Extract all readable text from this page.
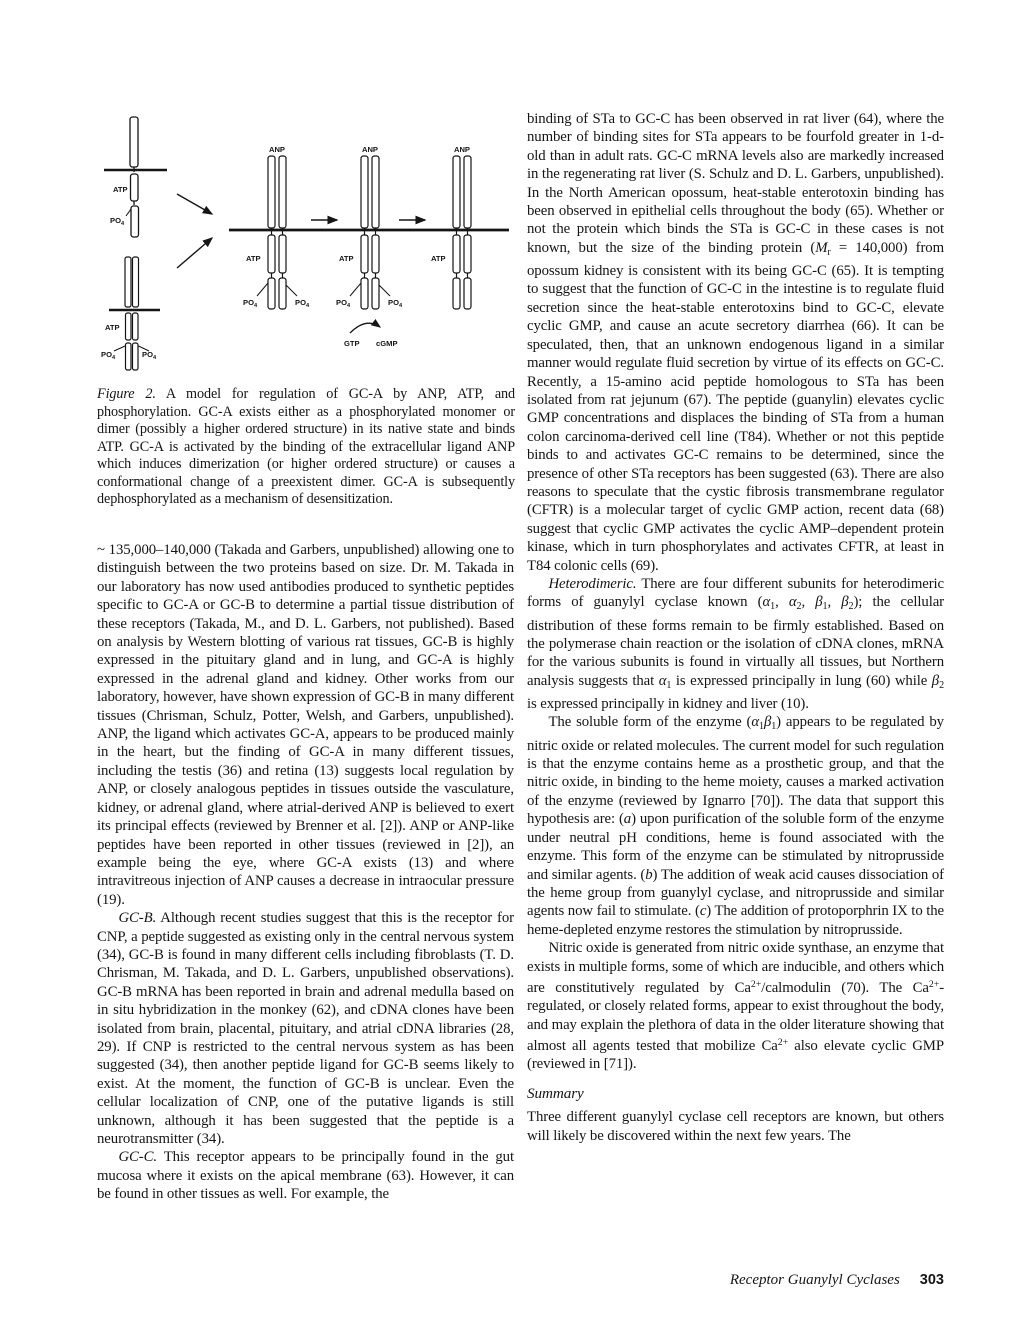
ATP
PO 4
ATP
PO 4	PO 4
ANP
ATP
PO 4	PO 4
ANP
ATP
PO 4	PO 4
GTP cGMP
ANP
ATP
Figure 2. A model for regulation of GC-A by ANP, ATP, and phosphorylation. GC-A exists either as a phosphorylated monomer or dimer (possibly a higher ordered structure) in its native state and binds ATP. GC-A is activated by the binding of the extracellular ligand ANP which induces dimerization (or higher ordered structure) or causes a conformational change of a preexistent dimer. GC-A is subsequently dephosphorylated as a mechanism of desensitization.

~ 135,000–140,000 (Takada and Garbers, unpublished) allowing one to distinguish between the two proteins based on size. Dr. M. Takada in our laboratory has now used antibodies produced to synthetic peptides specific to GC-A or GC-B to determine a partial tissue distribution of these receptors (Takada, M., and D. L. Garbers, not published). Based on analysis by Western blotting of various rat tissues, GC-B is highly expressed in the pituitary gland and in lung, and GC-A is highly expressed in the adrenal gland and kidney. Other works from our laboratory, however, have shown expression of GC-B in many different tissues (Chrisman, Schulz, Potter, Welsh, and Garbers, unpublished). ANP, the ligand which activates GC-A, appears to be produced mainly in the heart, but the finding of GC-A in many different tissues, including the testis (36) and retina (13) suggests local regulation by ANP, or closely analogous peptides in tissues outside the vasculature, kidney, or adrenal gland, where atrial-derived ANP is believed to exert its principal effects (reviewed by Brenner et al. [2]). ANP or ANP-like peptides have been reported in other tissues (reviewed in [2]), an example being the eye, where GC-A exists (13) and where intravitreous injection of ANP causes a decrease in intraocular pressure (19).

GC-B. Although recent studies suggest that this is the receptor for CNP, a peptide suggested as existing only in the central nervous system (34), GC-B is found in many different cells including fibroblasts (T. D. Chrisman, M. Takada, and D. L. Garbers, unpublished observations). GC-B mRNA has been reported in brain and adrenal medulla based on in situ hybridization in the monkey (62), and cDNA clones have been isolated from brain, placental, pituitary, and atrial cDNA libraries (28, 29). If CNP is restricted to the central nervous system as has been suggested (34), then another peptide ligand for GC-B seems likely to exist. At the moment, the function of GC-B is unclear. Even the cellular localization of CNP, one of the putative ligands is still unknown, although it has been suggested that the peptide is a neurotransmitter (34).

GC-C. This receptor appears to be principally found in the gut mucosa where it exists on the apical membrane (63). However, it can be found in other tissues as well. For example, the

binding of STa to GC-C has been observed in rat liver (64), where the number of binding sites for STa appears to be fourfold greater in 1-d-old than in adult rats. GC-C mRNA levels also are markedly increased in the regenerating rat liver (S. Schulz and D. L. Garbers, unpublished). In the North American opossum, heat-stable enterotoxin binding has been observed in epithelial cells throughout the body (65). Whether or not the protein which binds the STa is GC-C in these cases is not known, but the size of the binding protein (Mr = 140,000) from opossum kidney is consistent with its being GC-C (65). It is tempting to suggest that the function of GC-C in the intestine is to regulate fluid secretion since the heat-stable enterotoxins bind to GC-C, elevate cyclic GMP, and cause an acute secretory diarrhea (66). It can be speculated, then, that an unknown endogenous ligand in a similar manner would regulate fluid secretion by virtue of its effects on GC-C. Recently, a 15-amino acid peptide homologous to STa has been isolated from rat jejunum (67). The peptide (guanylin) elevates cyclic GMP concentrations and displaces the binding of STa from a human colon carcinoma-derived cell line (T84). Whether or not this peptide binds to and activates GC-C remains to be determined, since the presence of other STa receptors has been suggested (63). There are also reasons to speculate that the cystic fibrosis transmembrane regulator (CFTR) is a molecular target of cyclic GMP action, recent data (68) suggest that cyclic GMP activates the cyclic AMP–dependent protein kinase, which in turn phosphorylates and activates CFTR, at least in T84 colonic cells (69).

Heterodimeric. There are four different subunits for heterodimeric forms of guanylyl cyclase known (α1, α2, β1, β2); the cellular distribution of these forms remain to be firmly established. Based on the polymerase chain reaction or the isolation of cDNA clones, mRNA for the various subunits is found in virtually all tissues, but Northern analysis suggests that α1 is expressed principally in lung (60) while β2 is expressed principally in kidney and liver (10).

The soluble form of the enzyme (α1β1) appears to be regulated by nitric oxide or related molecules. The current model for such regulation is that the enzyme contains heme as a prosthetic group, and that the nitric oxide, in binding to the heme moiety, causes a marked activation of the enzyme (reviewed by Ignarro [70]). The data that support this hypothesis are: (a) upon purification of the soluble form of the enzyme under neutral pH conditions, heme is found associated with the enzyme. This form of the enzyme can be stimulated by nitroprusside and similar agents. (b) The addition of weak acid causes dissociation of the heme group from guanylyl cyclase, and nitroprusside and similar agents now fail to stimulate. (c) The addition of protoporphrin IX to the heme-depleted enzyme restores the stimulation by nitroprusside.

Nitric oxide is generated from nitric oxide synthase, an enzyme that exists in multiple forms, some of which are inducible, and others which are constitutively regulated by $Ca^{2+}$/calmodulin (70). The $Ca^{2+}$-regulated, or closely related forms, appear to exist throughout the body, and may explain the plethora of data in the older literature showing that almost all agents tested that mobilize $Ca^{2+}$ also elevate cyclic GMP (reviewed in [71]).

Summary

Three different guanylyl cyclase cell receptors are known, but others will likely be discovered within the next few years. The

Receptor Guanylyl Cyclases 303
